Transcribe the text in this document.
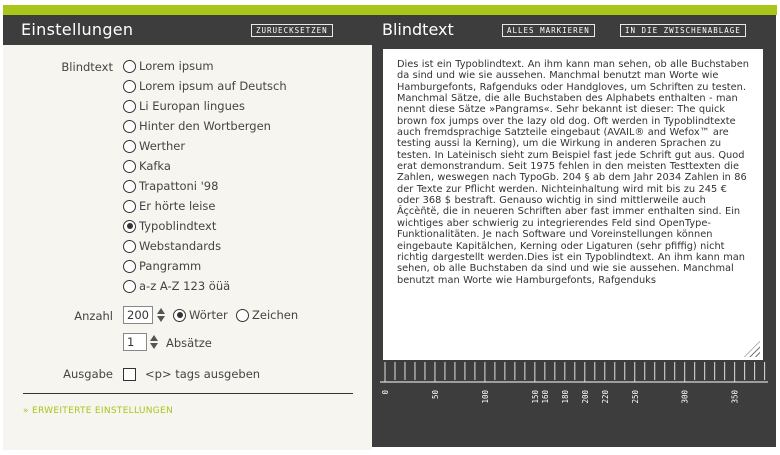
Einstellungen	ZURUECKSETZEN
Blindtext Lorem ipsum
Lorem ipsum auf Deutsch
Li Europan lingues
Hinter den Wortbergen
Werther
Kafka
Trapattoni '98
Er hörte leise
Typoblindtext
Webstandards
Pangramm
a-z A-Z 123 öüä
Anzahl	200	Wörter Zeichen
1	Absätze
Ausgabe	<p> tags ausgeben
» ERWEITERTE EINSTELLUNGEN
Blindtext	ALLES MARKIEREN	IN DIE ZWISCHENABLAGE

Dies ist ein Typoblindtext. An ihm kann man sehen, ob alle Buchstaben da sind und wie sie aussehen. Manchmal benutzt man Worte wie Hamburgefonts, Rafgenduks oder Handgloves, um Schriften zu testen. Manchmal Sätze, die alle Buchstaben des Alphabets enthalten - man nennt diese Sätze »Pangrams«. Sehr bekannt ist dieser: The quick brown fox jumps over the lazy old dog. Oft werden in Typoblindtexte auch fremdsprachige Satzteile eingebaut (AVAIL® and Wefox™ are testing aussi la Kerning), um die Wirkung in anderen Sprachen zu testen. In Lateinisch sieht zum Beispiel fast jede Schrift gut aus. Quod erat demonstrandum. Seit 1975 fehlen in den meisten Testtexten die Zahlen, weswegen nach TypoGb. 204 § ab dem Jahr 2034 Zahlen in 86 der Texte zur Pflicht werden. Nichteinhaltung wird mit bis zu 245 € oder 368 $ bestraft. Genauso wichtig in sind mittlerweile auch Âçcèñtë, die in neueren Schriften aber fast immer enthalten sind. Ein wichtiges aber schwierig zu integrierendes Feld sind OpenType-Funktionalitäten. Je nach Software und Voreinstellungen können eingebaute Kapitälchen, Kerning oder Ligaturen (sehr pfiffig) nicht richtig dargestellt werden.Dies ist ein Typoblindtext. An ihm kann man sehen, ob alle Buchstaben da sind und wie sie aussehen. Manchmal benutzt man Worte wie Hamburgefonts, Rafgenduks

0	50	100	150 160 180 200 220	250	300	350
